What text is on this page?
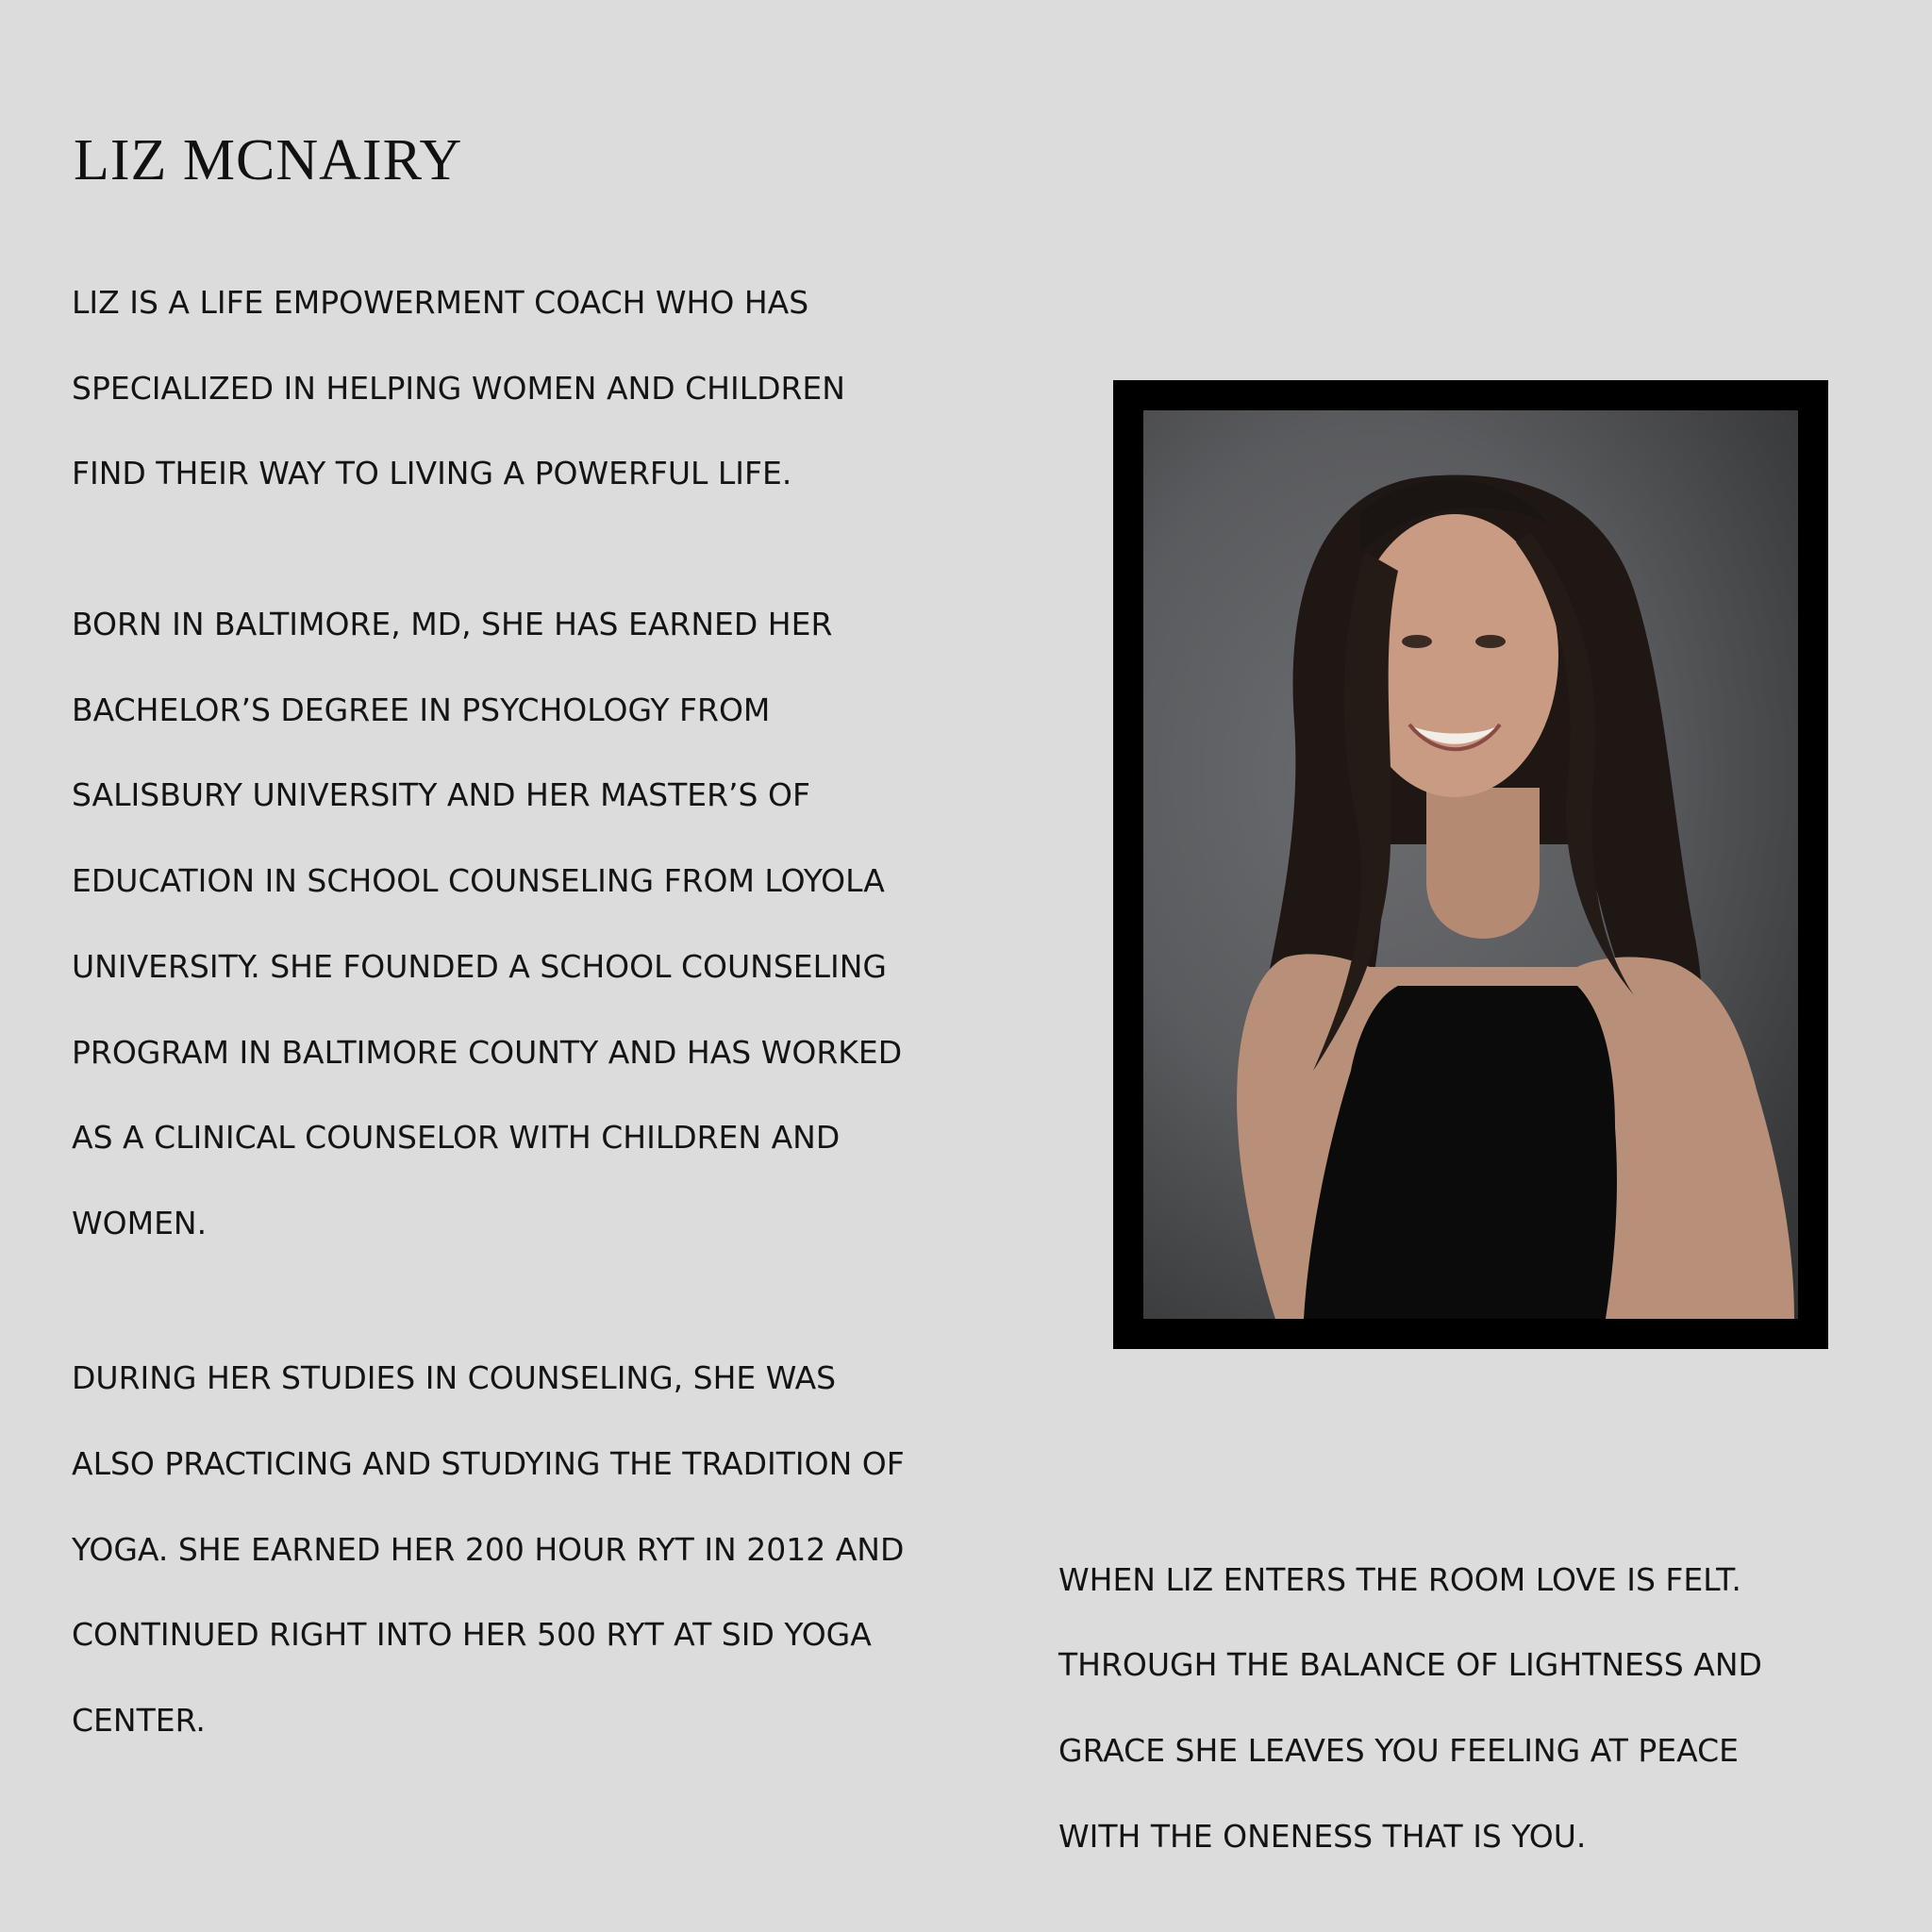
LIZ MCNAIRY

LIZ IS A LIFE EMPOWERMENT COACH WHO HAS

SPECIALIZED IN HELPING WOMEN AND CHILDREN

FIND THEIR WAY TO LIVING A POWERFUL LIFE.

BORN IN BALTIMORE, MD, SHE HAS EARNED HER

BACHELOR’S DEGREE IN PSYCHOLOGY FROM

SALISBURY UNIVERSITY AND HER MASTER’S OF

EDUCATION IN SCHOOL COUNSELING FROM LOYOLA

UNIVERSITY. SHE FOUNDED A SCHOOL COUNSELING

PROGRAM IN BALTIMORE COUNTY AND HAS WORKED

AS A CLINICAL COUNSELOR WITH CHILDREN AND

WOMEN.

DURING HER STUDIES IN COUNSELING, SHE WAS

ALSO PRACTICING AND STUDYING THE TRADITION OF

YOGA. SHE EARNED HER 200 HOUR RYT IN 2012 AND

CONTINUED RIGHT INTO HER 500 RYT AT SID YOGA

CENTER.

WHEN LIZ ENTERS THE ROOM LOVE IS FELT.

THROUGH THE BALANCE OF LIGHTNESS AND

GRACE SHE LEAVES YOU FEELING AT PEACE

WITH THE ONENESS THAT IS YOU.
